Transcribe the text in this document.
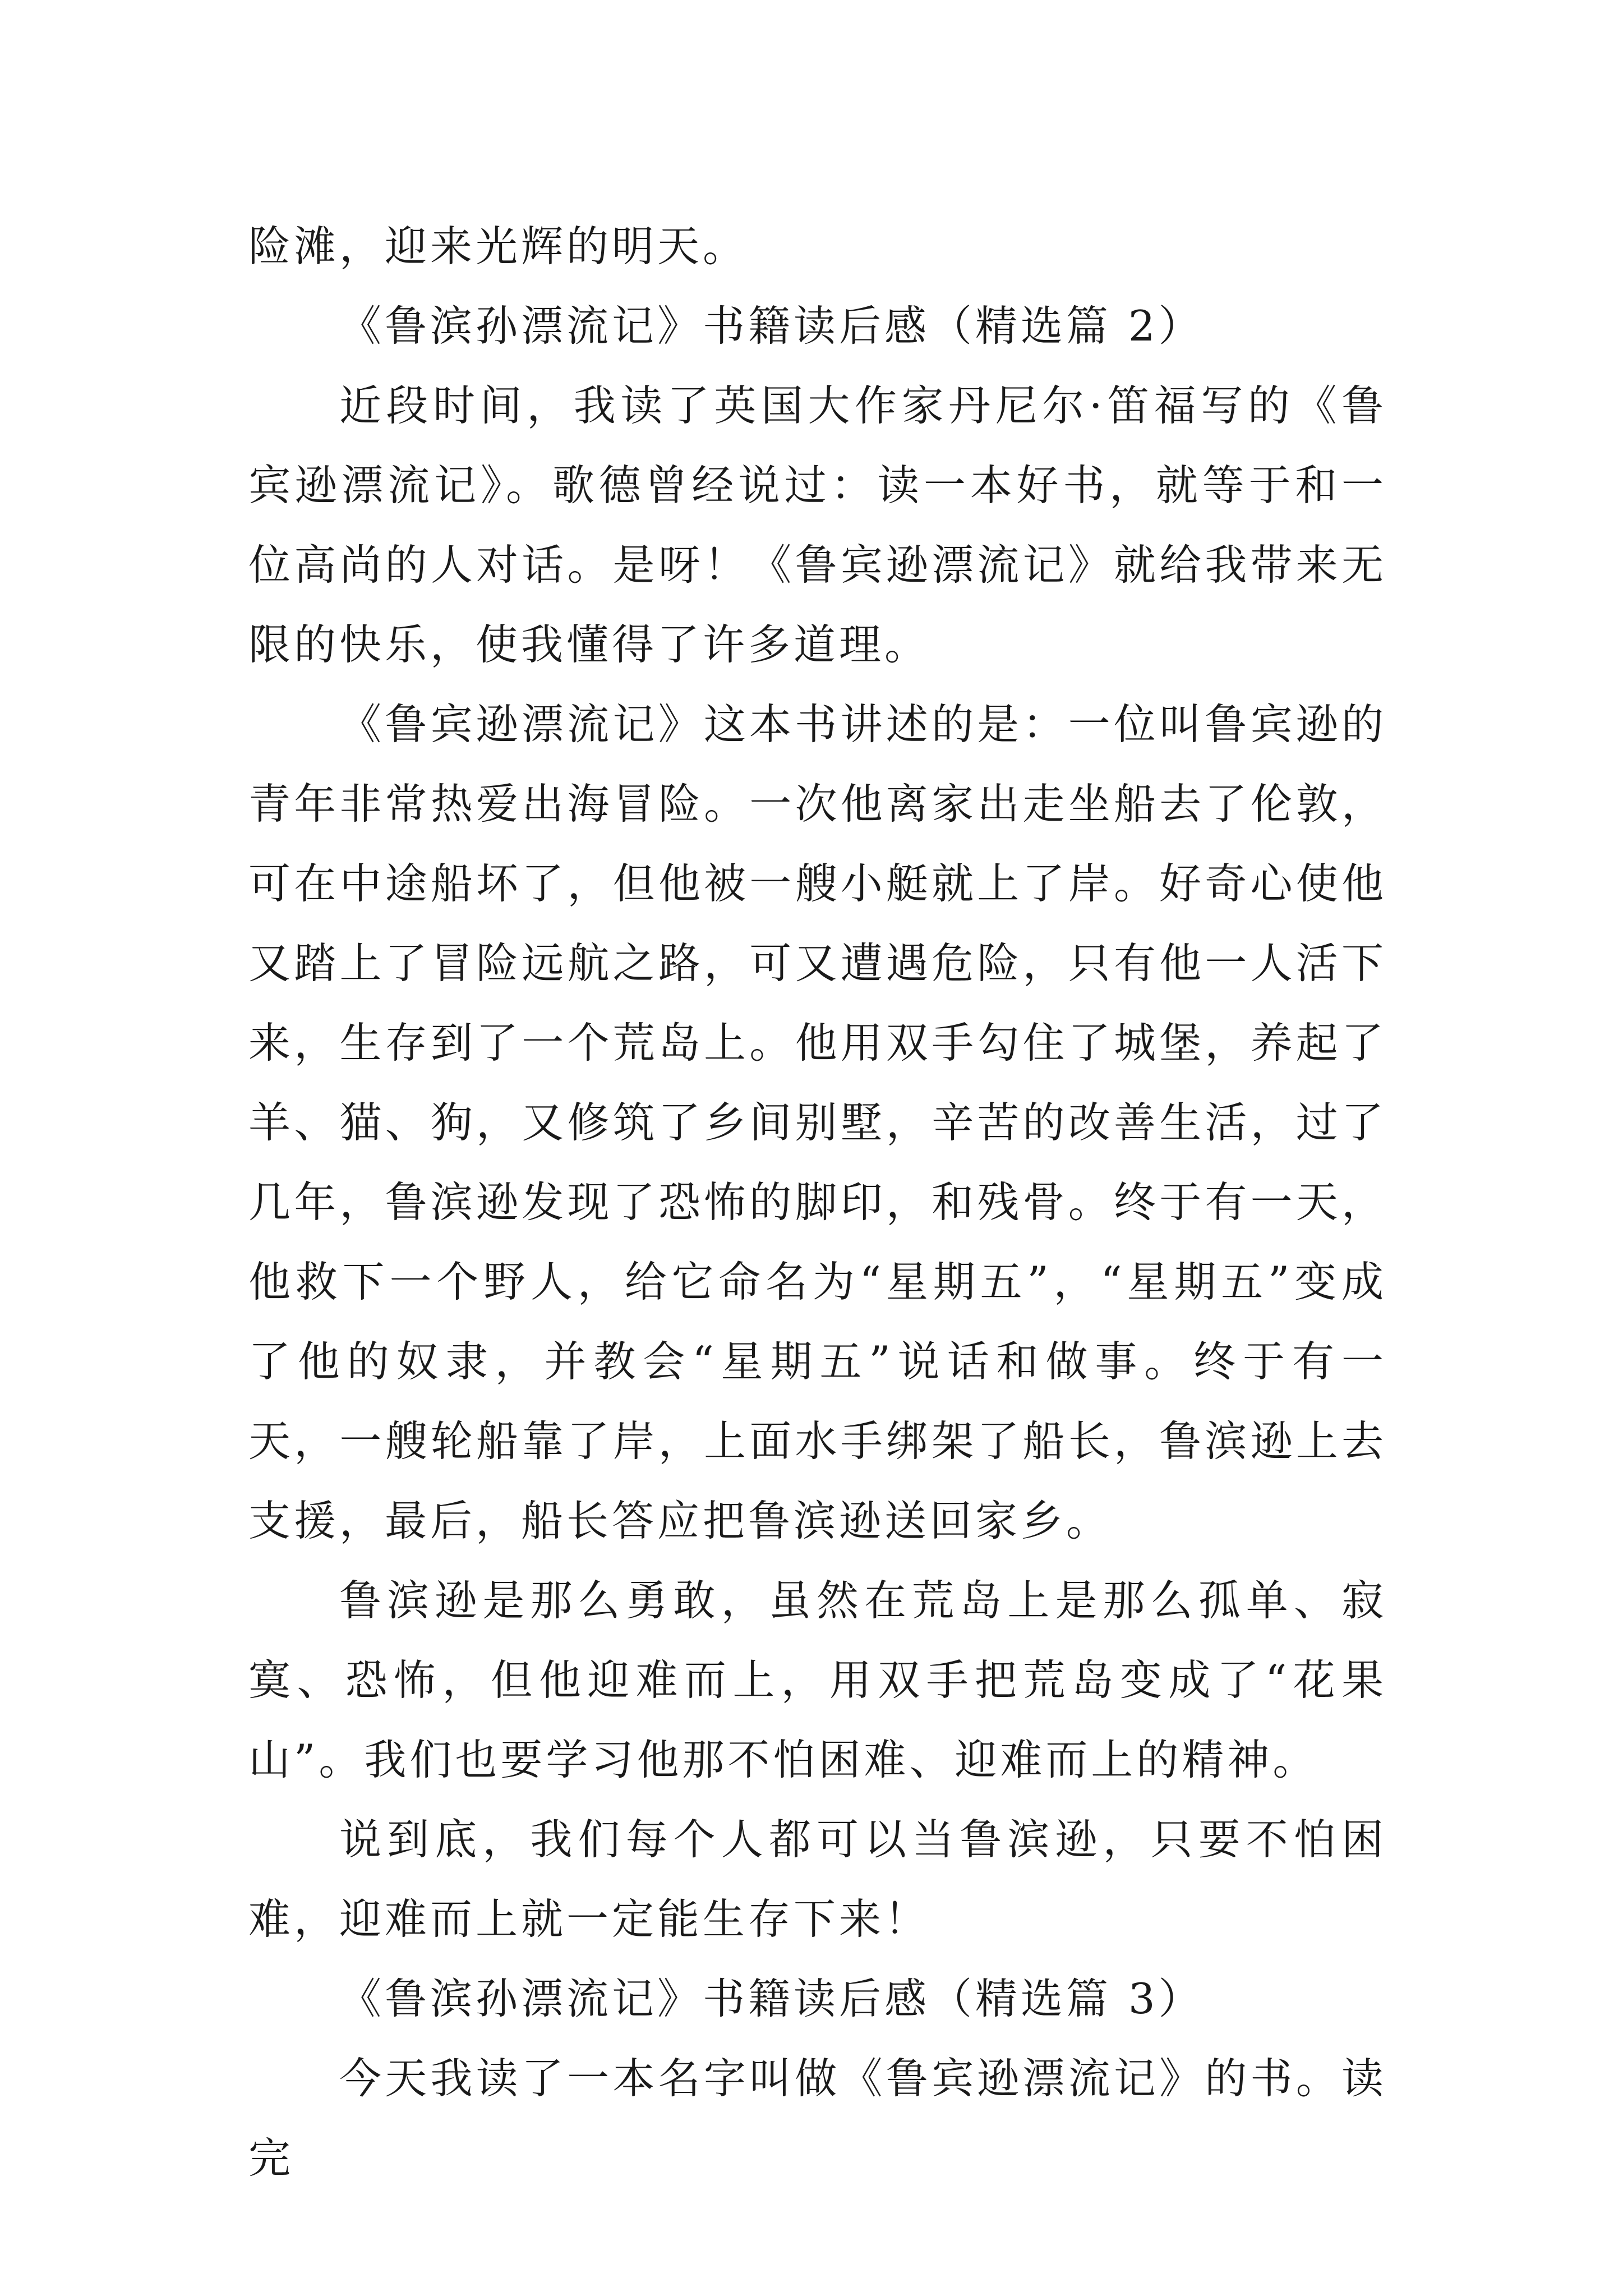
险滩，迎来光辉的明天。

《鲁滨孙漂流记》书籍读后感（精选篇 2）

近段时间，我读了英国大作家丹尼尔·笛福写的《鲁宾逊漂流记》。歌德曾经说过：读一本好书，就等于和一位高尚的人对话。是呀！《鲁宾逊漂流记》就给我带来无限的快乐，使我懂得了许多道理。

《鲁宾逊漂流记》这本书讲述的是：一位叫鲁宾逊的青年非常热爱出海冒险。一次他离家出走坐船去了伦敦，可在中途船坏了，但他被一艘小艇就上了岸。好奇心使他又踏上了冒险远航之路，可又遭遇危险，只有他一人活下来，生存到了一个荒岛上。他用双手勾住了城堡，养起了羊、猫、狗，又修筑了乡间别墅，辛苦的改善生活，过了几年，鲁滨逊发现了恐怖的脚印，和残骨。终于有一天，他救下一个野人，给它命名为“星期五”，“星期五”变成了他的奴隶，并教会“星期五”说话和做事。终于有一天，一艘轮船靠了岸，上面水手绑架了船长，鲁滨逊上去支援，最后，船长答应把鲁滨逊送回家乡。

鲁滨逊是那么勇敢，虽然在荒岛上是那么孤单、寂寞、恐怖，但他迎难而上，用双手把荒岛变成了“花果山”。我们也要学习他那不怕困难、迎难而上的精神。

说到底，我们每个人都可以当鲁滨逊，只要不怕困难，迎难而上就一定能生存下来！

《鲁滨孙漂流记》书籍读后感（精选篇 3）

今天我读了一本名字叫做《鲁宾逊漂流记》的书。读完
